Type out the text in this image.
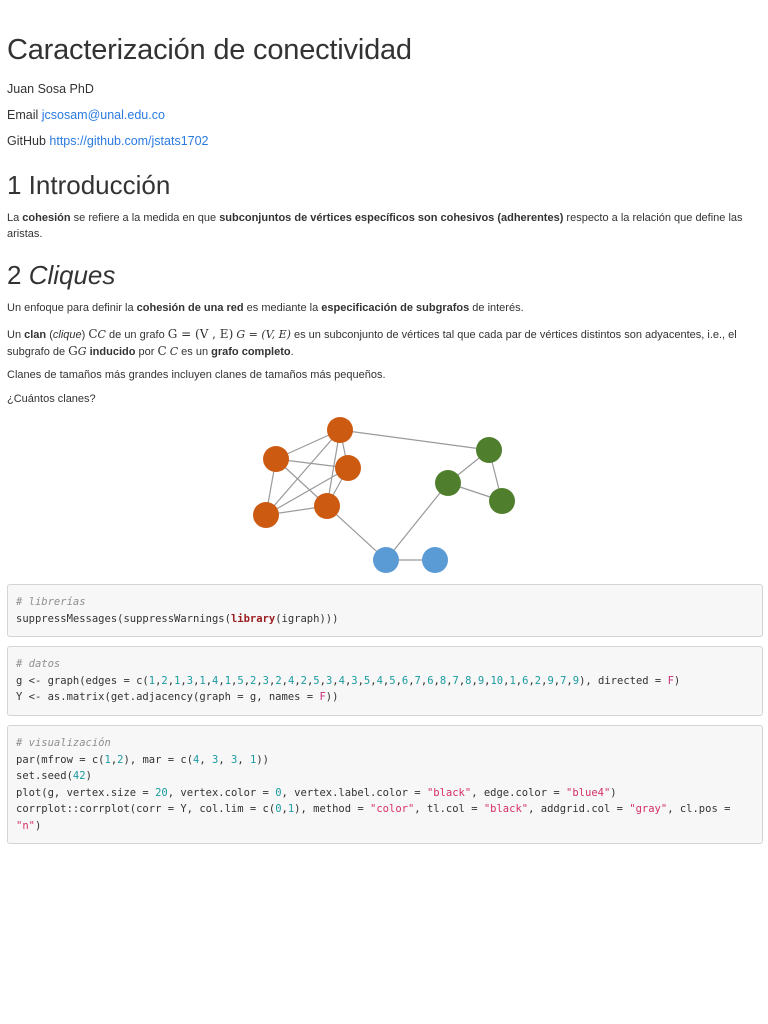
Caracterización de conectividad
Juan Sosa PhD
Email jcsosam@unal.edu.co
GitHub https://github.com/jstats1702
1 Introducción

La cohesión se refiere a la medida en que subconjuntos de vértices específicos son cohesivos (adherentes) respecto a la relación que define las aristas.

2 Cliques

Un enfoque para definir la cohesión de una red es mediante la especificación de subgrafos de interés.

Un clan (clique) CC de un grafo G = (V , E) G = (V, E) es un subconjunto de vértices tal que cada par de vértices distintos son adyacentes, i.e., el subgrafo de GG inducido por C C es un grafo completo.

Clanes de tamaños más grandes incluyen clanes de tamaños más pequeños.

¿Cuántos clanes?

# librerías
suppressMessages(suppressWarnings(library(igraph)))
# datos
g <- graph(edges = c(1,2,1,3,1,4,1,5,2,3,2,4,2,5,3,4,3,5,4,5,6,7,6,8,7,8,9,10,1,6,2,9,7,9), directed = F)
Y <- as.matrix(get.adjacency(graph = g, names = F))
# visualización
par(mfrow = c(1,2), mar = c(4, 3, 3, 1))
set.seed(42)
plot(g, vertex.size = 20, vertex.color = 0, vertex.label.color = "black", edge.color = "blue4")
corrplot::corrplot(corr = Y, col.lim = c(0,1), method = "color", tl.col = "black", addgrid.col = "gray", cl.pos =
"n")
